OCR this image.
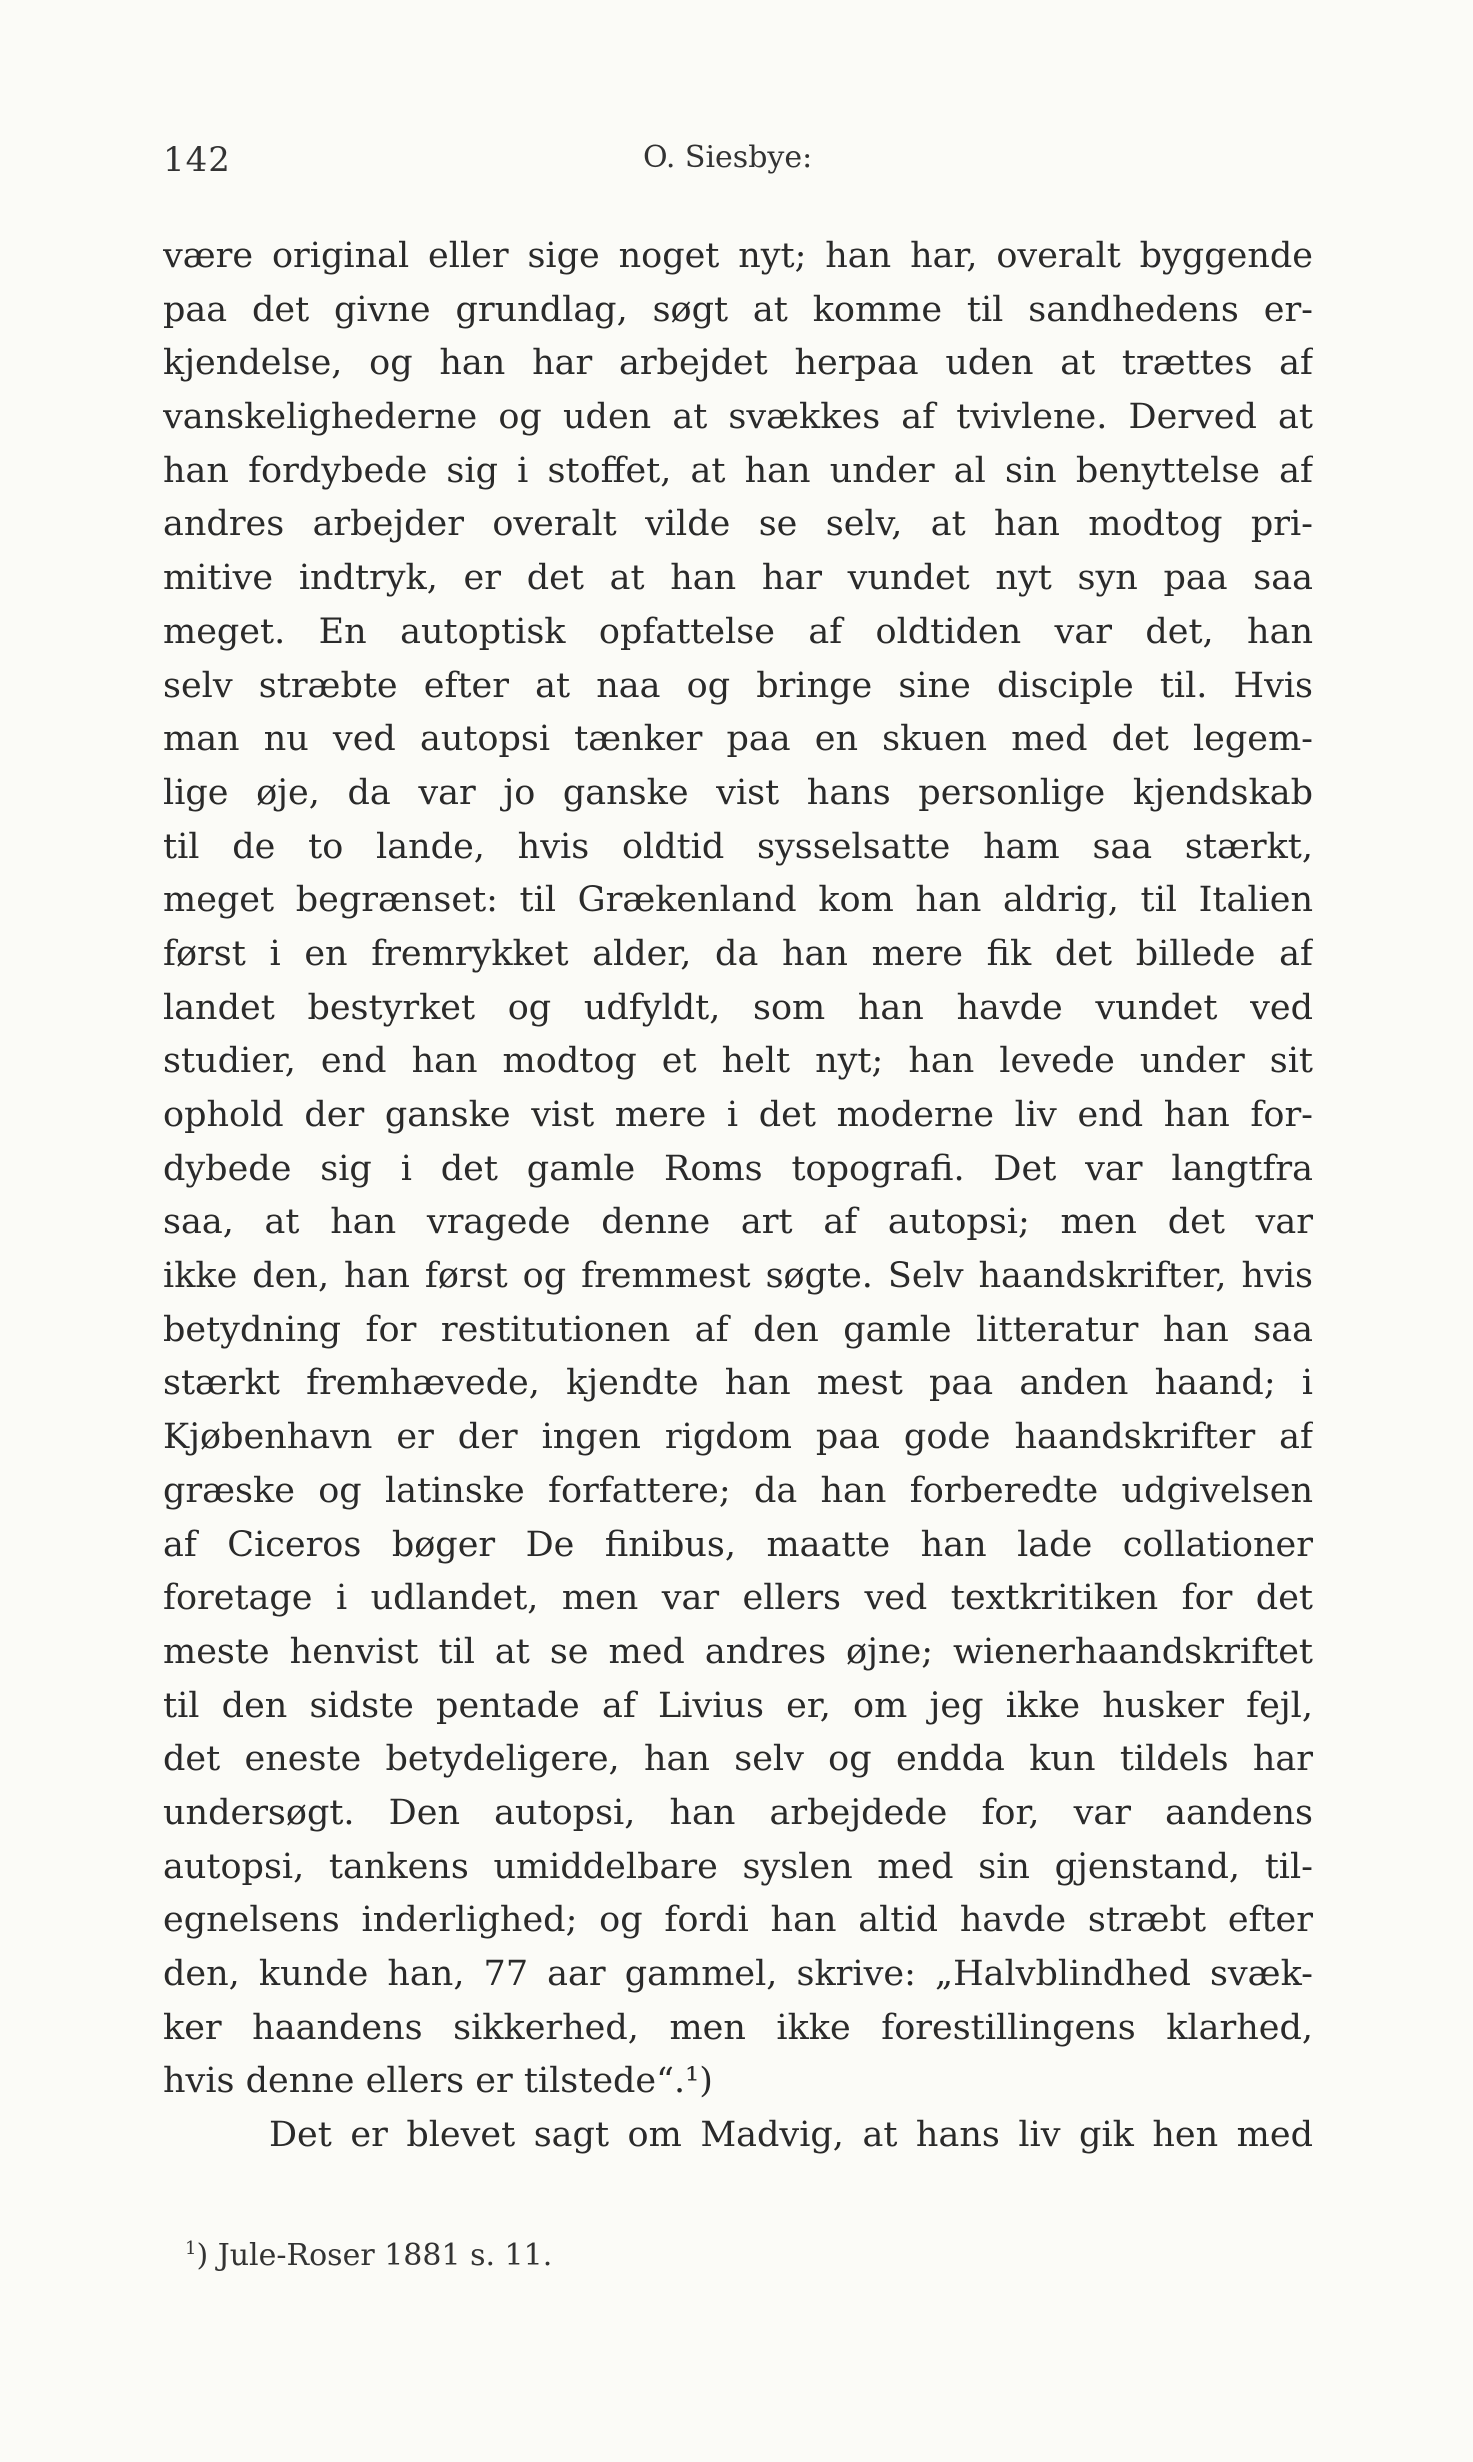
142	O. Siesbye:
være original eller sige noget nyt; han har, overalt byggende
paa det givne grundlag, søgt at komme til sandhedens er-
kjendelse, og han har arbejdet herpaa uden at trættes af
vanskelighederne og uden at svækkes af tvivlene. Derved at
han fordybede sig i stoffet, at han under al sin benyttelse af
andres arbejder overalt vilde se selv, at han modtog pri-
mitive indtryk, er det at han har vundet nyt syn paa saa
meget. En autoptisk opfattelse af oldtiden var det, han
selv stræbte efter at naa og bringe sine disciple til. Hvis
man nu ved autopsi tænker paa en skuen med det legem-
lige øje, da var jo ganske vist hans personlige kjendskab
til de to lande, hvis oldtid sysselsatte ham saa stærkt,
meget begrænset: til Grækenland kom han aldrig, til Italien
først i en fremrykket alder, da han mere fik det billede af
landet bestyrket og udfyldt, som han havde vundet ved
studier, end han modtog et helt nyt; han levede under sit
ophold der ganske vist mere i det moderne liv end han for-
dybede sig i det gamle Roms topografi. Det var langtfra
saa, at han vragede denne art af autopsi; men det var
ikke den, han først og fremmest søgte. Selv haandskrifter, hvis
betydning for restitutionen af den gamle litteratur han saa
stærkt fremhævede, kjendte han mest paa anden haand; i
Kjøbenhavn er der ingen rigdom paa gode haandskrifter af
græske og latinske forfattere; da han forberedte udgivelsen
af Ciceros bøger De finibus, maatte han lade collationer
foretage i udlandet, men var ellers ved textkritiken for det
meste henvist til at se med andres øjne; wienerhaandskriftet
til den sidste pentade af Livius er, om jeg ikke husker fejl,
det eneste betydeligere, han selv og endda kun tildels har
undersøgt. Den autopsi, han arbejdede for, var aandens
autopsi, tankens umiddelbare syslen med sin gjenstand, til-
egnelsens inderlighed; og fordi han altid havde stræbt efter
den, kunde han, 77 aar gammel, skrive: „Halvblindhed svæk-
ker haandens sikkerhed, men ikke forestillingens klarhed,
hvis denne ellers er tilstede“.¹)
Det er blevet sagt om Madvig, at hans liv gik hen med
$^1$) Jule-Roser 1881 s. 11.
